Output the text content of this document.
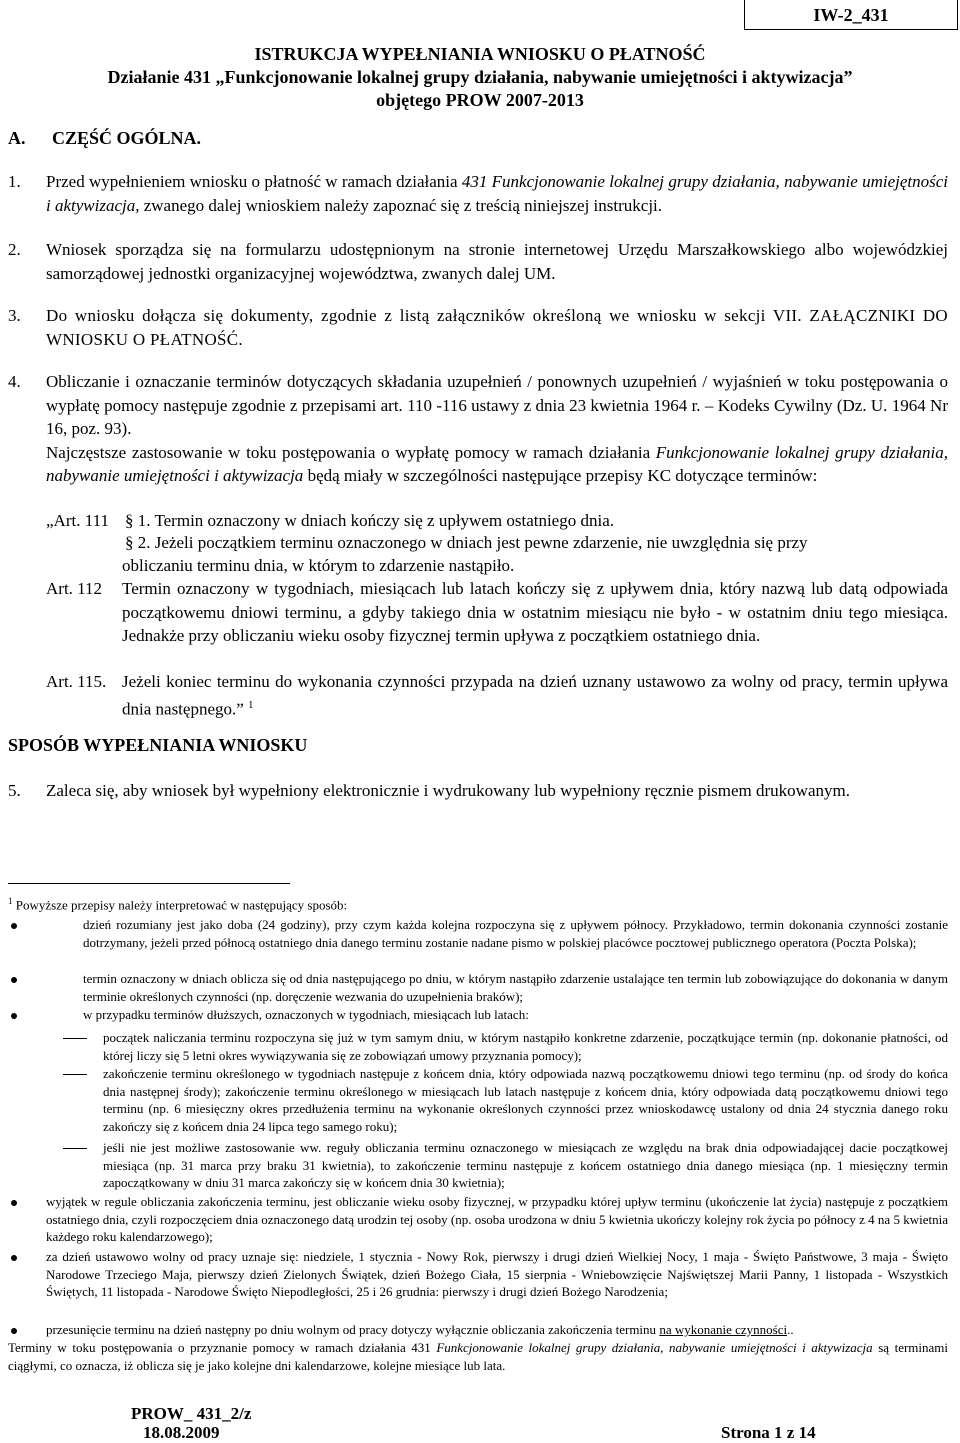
IW-2_431
ISTRUKCJA WYPEŁNIANIA WNIOSKU O PŁATNOŚĆ
Działanie 431 „Funkcjonowanie lokalnej grupy działania, nabywanie umiejętności i aktywizacja”
objętego PROW 2007-2013
A. CZĘŚĆ OGÓLNA.
1. Przed wypełnieniem wniosku o płatność w ramach działania 431 Funkcjonowanie lokalnej grupy działania, nabywanie umiejętności i aktywizacja, zwanego dalej wnioskiem należy zapoznać się z treścią niniejszej instrukcji.
2. Wniosek sporządza się na formularzu udostępnionym na stronie internetowej Urzędu Marszałkowskiego albo wojewódzkiej samorządowej jednostki organizacyjnej województwa, zwanych dalej UM.
3. Do wniosku dołącza się dokumenty, zgodnie z listą załączników określoną we wniosku w sekcji VII. ZAŁĄCZNIKI DO WNIOSKU O PŁATNOŚĆ.
4. Obliczanie i oznaczanie terminów dotyczących składania uzupełnień / ponownych uzupełnień / wyjaśnień w toku postępowania o wypłatę pomocy następuje zgodnie z przepisami art. 110 -116 ustawy z dnia 23 kwietnia 1964 r. – Kodeks Cywilny (Dz. U. 1964 Nr 16, poz. 93).
Najczęstsze zastosowanie w toku postępowania o wypłatę pomocy w ramach działania Funkcjonowanie lokalnej grupy działania, nabywanie umiejętności i aktywizacja będą miały w szczególności następujące przepisy KC dotyczące terminów:
„Art. 111 § 1. Termin oznaczony w dniach kończy się z upływem ostatniego dnia.
§ 2. Jeżeli początkiem terminu oznaczonego w dniach jest pewne zdarzenie, nie uwzględnia się przy
obliczaniu terminu dnia, w którym to zdarzenie nastąpiło.
Art. 112 Termin oznaczony w tygodniach, miesiącach lub latach kończy się z upływem dnia, który nazwą lub datą odpowiada początkowemu dniowi terminu, a gdyby takiego dnia w ostatnim miesiącu nie było - w ostatnim dniu tego miesiąca. Jednakże przy obliczaniu wieku osoby fizycznej termin upływa z początkiem ostatniego dnia.
Art. 115. Jeżeli koniec terminu do wykonania czynności przypada na dzień uznany ustawowo za wolny od pracy, termin upływa dnia następnego.” $^1$
SPOSÓB WYPEŁNIANIA WNIOSKU
5. Zaleca się, aby wniosek był wypełniony elektronicznie i wydrukowany lub wypełniony ręcznie pismem drukowanym.
$^1$ Powyższe przepisy należy interpretować w następujący sposób:
dzień rozumiany jest jako doba (24 godziny), przy czym każda kolejna rozpoczyna się z upływem północy. Przykładowo, termin dokonania czynności zostanie dotrzymany, jeżeli przed północą ostatniego dnia danego terminu zostanie nadane pismo w polskiej placówce pocztowej publicznego operatora (Poczta Polska);
termin oznaczony w dniach oblicza się od dnia następującego po dniu, w którym nastąpiło zdarzenie ustalające ten termin lub zobowiązujące do dokonania w danym terminie określonych czynności (np. doręczenie wezwania do uzupełnienia braków);
w przypadku terminów dłuższych, oznaczonych w tygodniach, miesiącach lub latach:
początek naliczania terminu rozpoczyna się już w tym samym dniu, w którym nastąpiło konkretne zdarzenie, początkujące termin (np. dokonanie płatności, od której liczy się 5 letni okres wywiązywania się ze zobowiązań umowy przyznania pomocy);
zakończenie terminu określonego w tygodniach następuje z końcem dnia, który odpowiada nazwą początkowemu dniowi tego terminu (np. od środy do końca dnia następnej środy); zakończenie terminu określonego w miesiącach lub latach następuje z końcem dnia, który odpowiada datą początkowemu dniowi tego terminu (np. 6 miesięczny okres przedłużenia terminu na wykonanie określonych czynności przez wnioskodawcę ustalony od dnia 24 stycznia danego roku zakończy się z końcem dnia 24 lipca tego samego roku);
jeśli nie jest możliwe zastosowanie ww. reguły obliczania terminu oznaczonego w miesiącach ze względu na brak dnia odpowiadającej dacie początkowej miesiąca (np. 31 marca przy braku 31 kwietnia), to zakończenie terminu następuje z końcem ostatniego dnia danego miesiąca (np. 1 miesięczny termin zapoczątkowany w dniu 31 marca zakończy się w końcem dnia 30 kwietnia);
wyjątek w regule obliczania zakończenia terminu, jest obliczanie wieku osoby fizycznej, w przypadku której upływ terminu (ukończenie lat życia) następuje z początkiem ostatniego dnia, czyli rozpoczęciem dnia oznaczonego datą urodzin tej osoby (np. osoba urodzona w dniu 5 kwietnia ukończy kolejny rok życia po północy z 4 na 5 kwietnia każdego roku kalendarzowego);
za dzień ustawowo wolny od pracy uznaje się: niedziele, 1 stycznia - Nowy Rok, pierwszy i drugi dzień Wielkiej Nocy, 1 maja - Święto Państwowe, 3 maja - Święto Narodowe Trzeciego Maja, pierwszy dzień Zielonych Świątek, dzień Bożego Ciała, 15 sierpnia - Wniebowzięcie Najświętszej Marii Panny, 1 listopada - Wszystkich Świętych, 11 listopada - Narodowe Święto Niepodległości, 25 i 26 grudnia: pierwszy i drugi dzień Bożego Narodzenia;
przesunięcie terminu na dzień następny po dniu wolnym od pracy dotyczy wyłącznie obliczania zakończenia terminu na wykonanie czynności..
Terminy w toku postępowania o przyznanie pomocy w ramach działania 431 Funkcjonowanie lokalnej grupy działania, nabywanie umiejętności i aktywizacja są terminami ciągłymi, co oznacza, iż oblicza się je jako kolejne dni kalendarzowe, kolejne miesiące lub lata.
PROW_ 431_2/z
18.08.2009	Strona 1 z 14
